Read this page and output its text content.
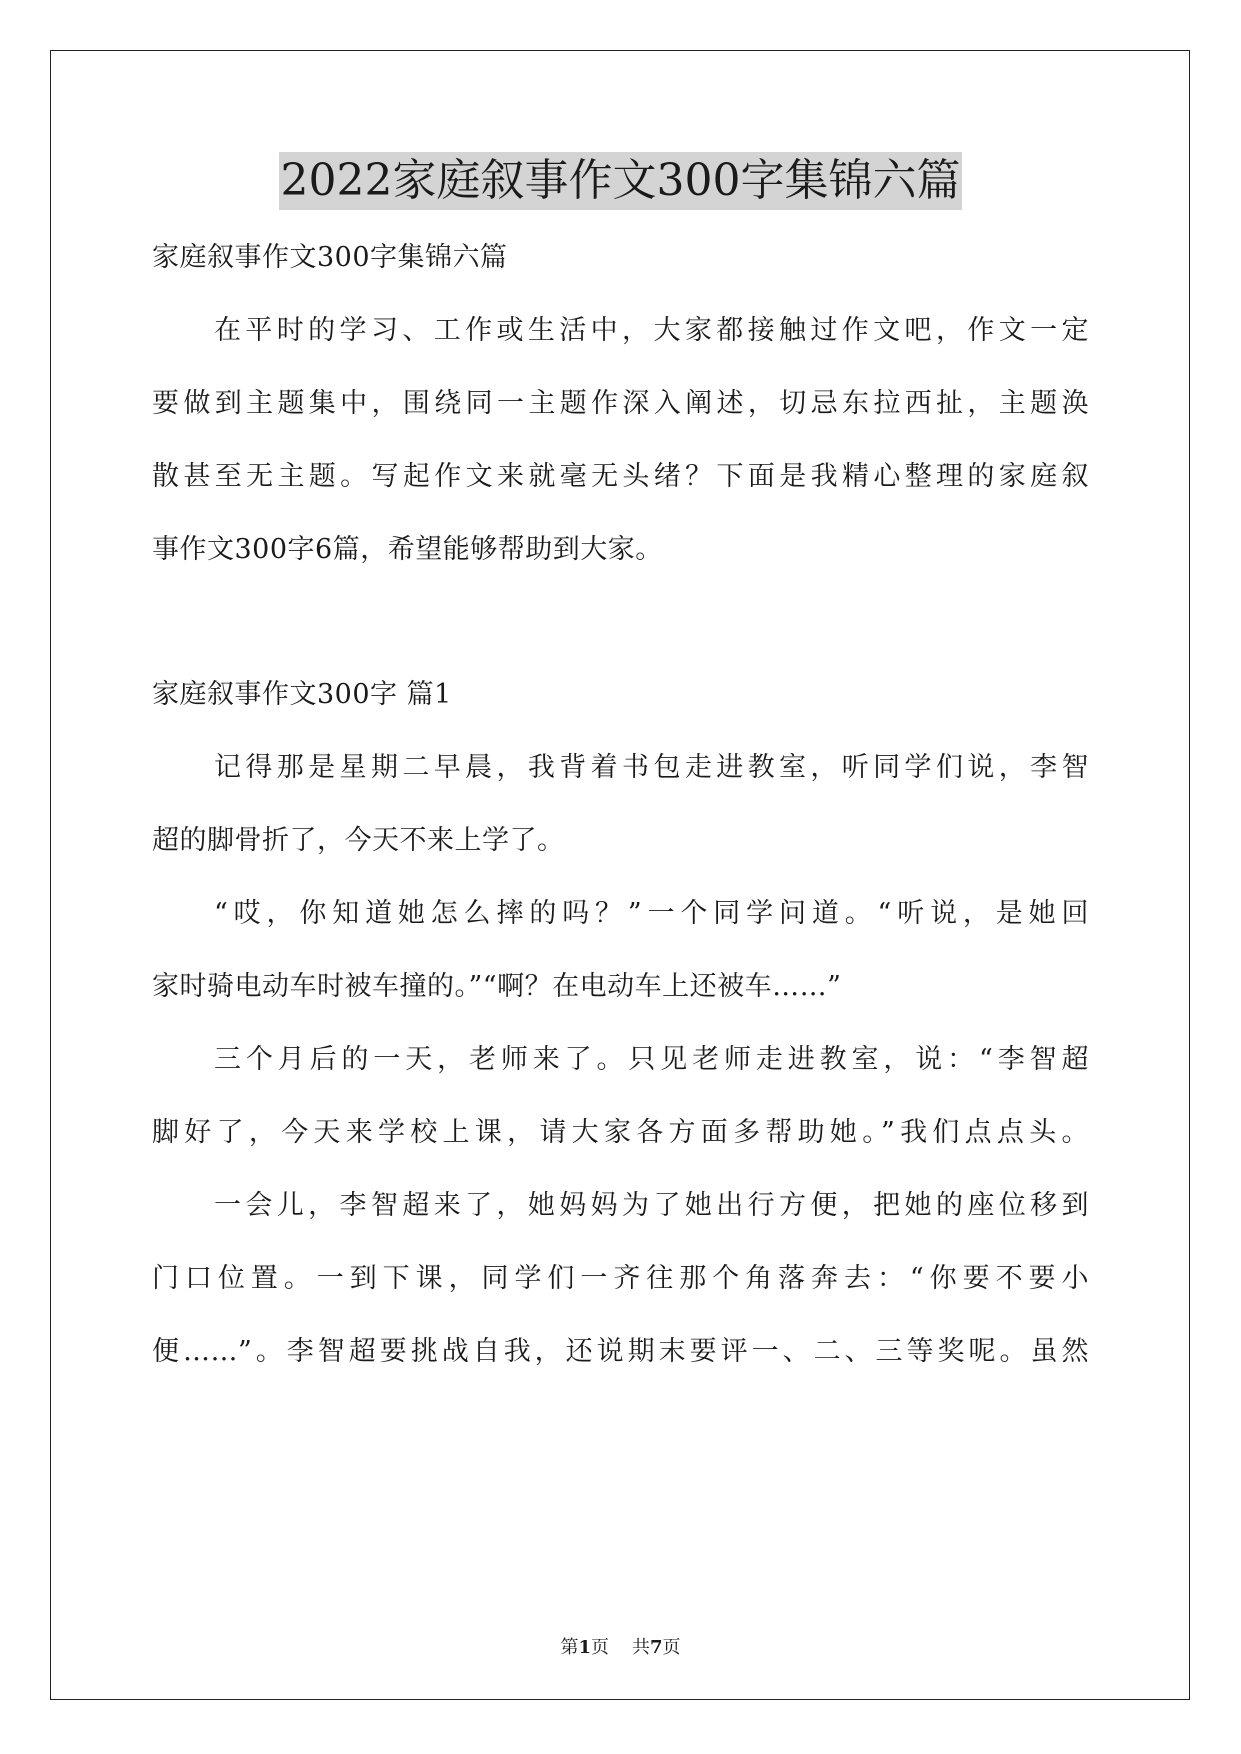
2022家庭叙事作文300字集锦六篇
家庭叙事作文300字集锦六篇
在平时的学习、工作或生活中，大家都接触过作文吧，作文一定
要做到主题集中，围绕同一主题作深入阐述，切忌东拉西扯，主题涣
散甚至无主题。写起作文来就毫无头绪？下面是我精心整理的家庭叙
事作文300字6篇，希望能够帮助到大家。
家庭叙事作文300字 篇1
记得那是星期二早晨，我背着书包走进教室，听同学们说，李智
超的脚骨折了，今天不来上学了。
“哎，你知道她怎么摔的吗？”一个同学问道。“听说，是她回
家时骑电动车时被车撞的。”“啊？在电动车上还被车……”
三个月后的一天，老师来了。只见老师走进教室，说：“李智超
脚好了，今天来学校上课，请大家各方面多帮助她。”我们点点头。
一会儿，李智超来了，她妈妈为了她出行方便，把她的座位移到
门口位置。一到下课，同学们一齐往那个角落奔去：“你要不要小
便……”。李智超要挑战自我，还说期末要评一、二、三等奖呢。虽然
第1页 共7页
